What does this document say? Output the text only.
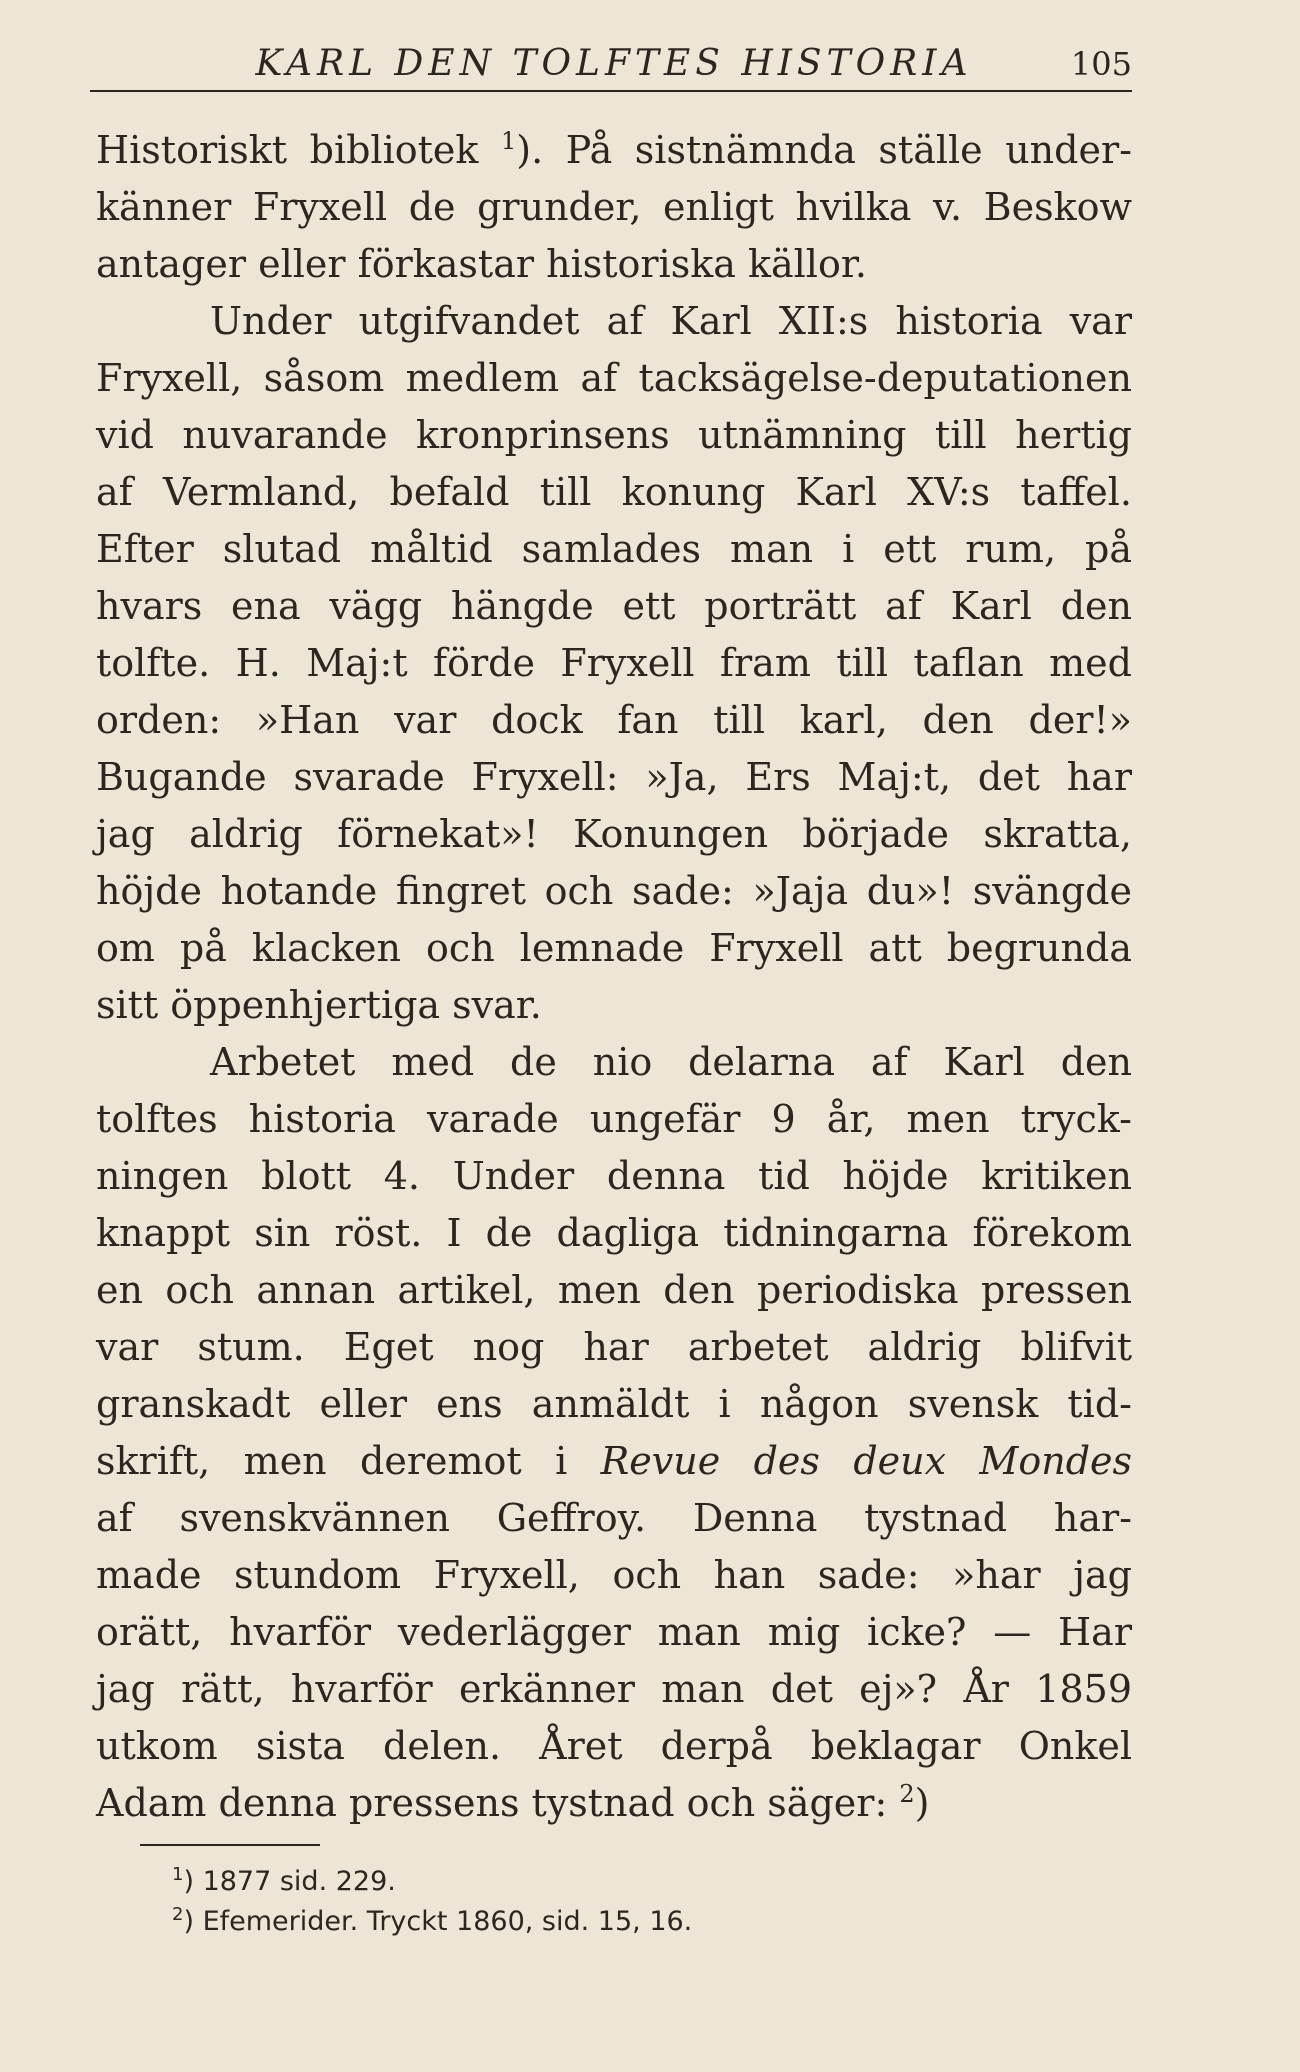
KARL DEN TOLFTES HISTORIA	105
Historiskt bibliotek $^1$). På sistnämnda ställe under-
känner Fryxell de grunder, enligt hvilka v. Beskow
antager eller förkastar historiska källor.
Under utgifvandet af Karl XII:s historia var
Fryxell, såsom medlem af tacksägelse-deputationen
vid nuvarande kronprinsens utnämning till hertig
af Vermland, befald till konung Karl XV:s taffel.
Efter slutad måltid samlades man i ett rum, på
hvars ena vägg hängde ett porträtt af Karl den
tolfte. H. Maj:t förde Fryxell fram till taflan med
orden: »Han var dock fan till karl, den der!»
Bugande svarade Fryxell: »Ja, Ers Maj:t, det har
jag aldrig förnekat»! Konungen började skratta,
höjde hotande fingret och sade: »Jaja du»! svängde
om på klacken och lemnade Fryxell att begrunda
sitt öppenhjertiga svar.
Arbetet med de nio delarna af Karl den
tolftes historia varade ungefär 9 år, men tryck-
ningen blott 4. Under denna tid höjde kritiken
knappt sin röst. I de dagliga tidningarna förekom
en och annan artikel, men den periodiska pressen
var stum. Eget nog har arbetet aldrig blifvit
granskadt eller ens anmäldt i någon svensk tid-
skrift, men deremot i Revue des deux Mondes
af svenskvännen Geffroy. Denna tystnad har-
made stundom Fryxell, och han sade: »har jag
orätt, hvarför vederlägger man mig icke? — Har
jag rätt, hvarför erkänner man det ej»? År 1859
utkom sista delen. Året derpå beklagar Onkel
Adam denna pressens tystnad och säger: $^2$)
$^1$) 1877 sid. 229.
$^2$) Efemerider. Tryckt 1860, sid. 15, 16.
